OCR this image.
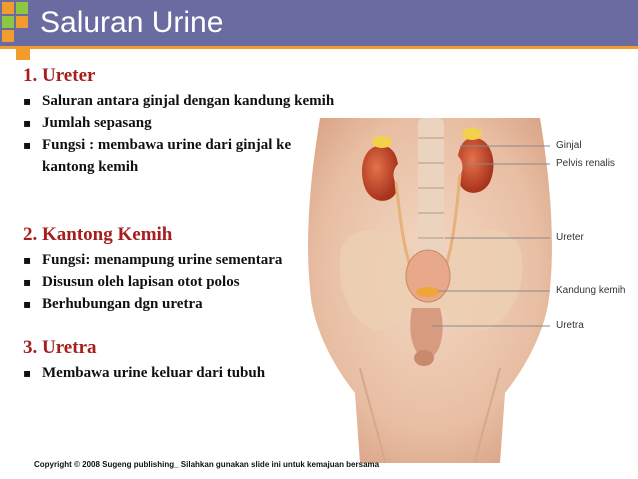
Saluran Urine
Ginjal
Pelvis renalis
Ureter
Kandung kemih
Uretra
1. Ureter
▪ Saluran antara ginjal dengan kandung kemih
▪ Jumlah sepasang
▪ Fungsi : membawa urine dari ginjal ke kantong kemih
2. Kantong Kemih
▪ Fungsi: menampung urine sementara
▪ Disusun oleh lapisan otot polos
▪ Berhubungan dgn uretra
3. Uretra
▪ Membawa urine keluar dari tubuh
Copyright © 2008 Sugeng publishing_ Silahkan gunakan slide ini untuk kemajuan bersama
